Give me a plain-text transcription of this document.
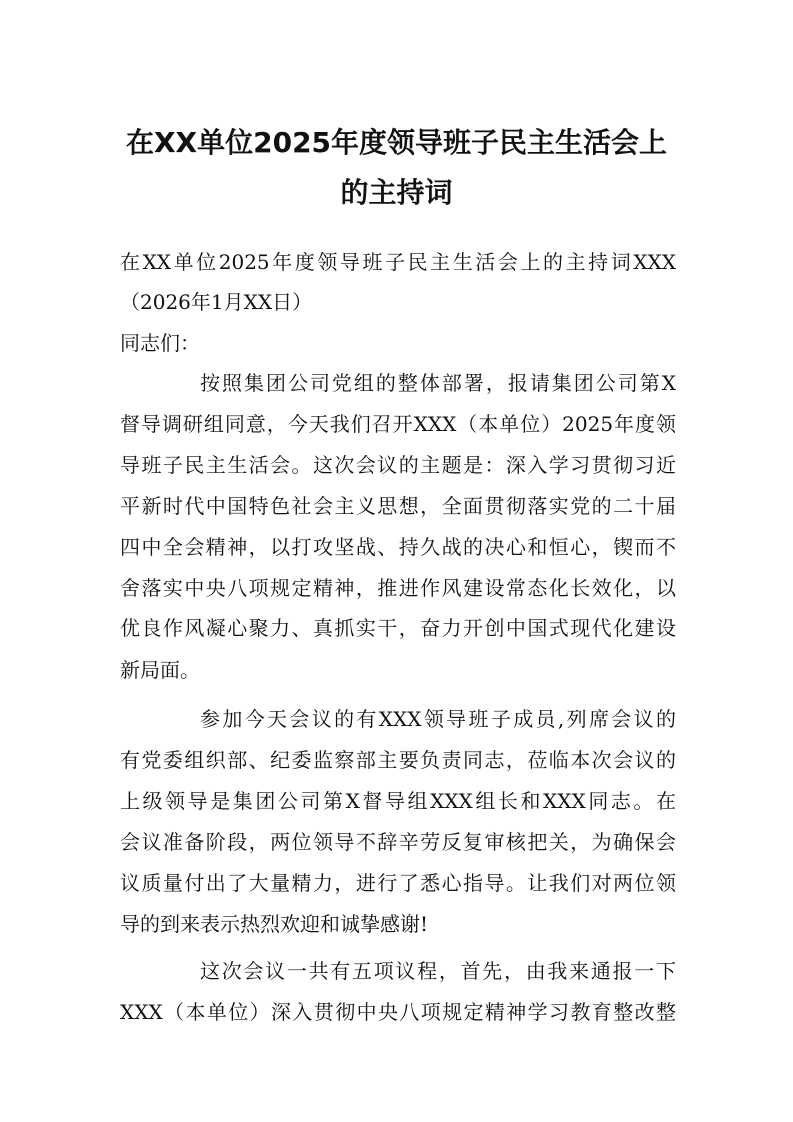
在XX单位2025年度领导班子民主生活会上
的主持词

在XX单位2025年度领导班子民主生活会上的主持词XXX

（2026年1月XX日）

同志们：

按照集团公司党组的整体部署，报请集团公司第X

督导调研组同意，今天我们召开XXX（本单位）2025年度领

导班子民主生活会。这次会议的主题是：深入学习贯彻习近

平新时代中国特色社会主义思想，全面贯彻落实党的二十届

四中全会精神，以打攻坚战、持久战的决心和恒心，锲而不

舍落实中央八项规定精神，推进作风建设常态化长效化，以

优良作风凝心聚力、真抓实干，奋力开创中国式现代化建设

新局面。

参加今天会议的有XXX领导班子成员,列席会议的

有党委组织部、纪委监察部主要负责同志，莅临本次会议的

上级领导是集团公司第X督导组XXX组长和XXX同志。在

会议准备阶段，两位领导不辞辛劳反复审核把关，为确保会

议质量付出了大量精力，进行了悉心指导。让我们对两位领

导的到来表示热烈欢迎和诚挚感谢!

这次会议一共有五项议程，首先，由我来通报一下

XXX（本单位）深入贯彻中央八项规定精神学习教育整改整
